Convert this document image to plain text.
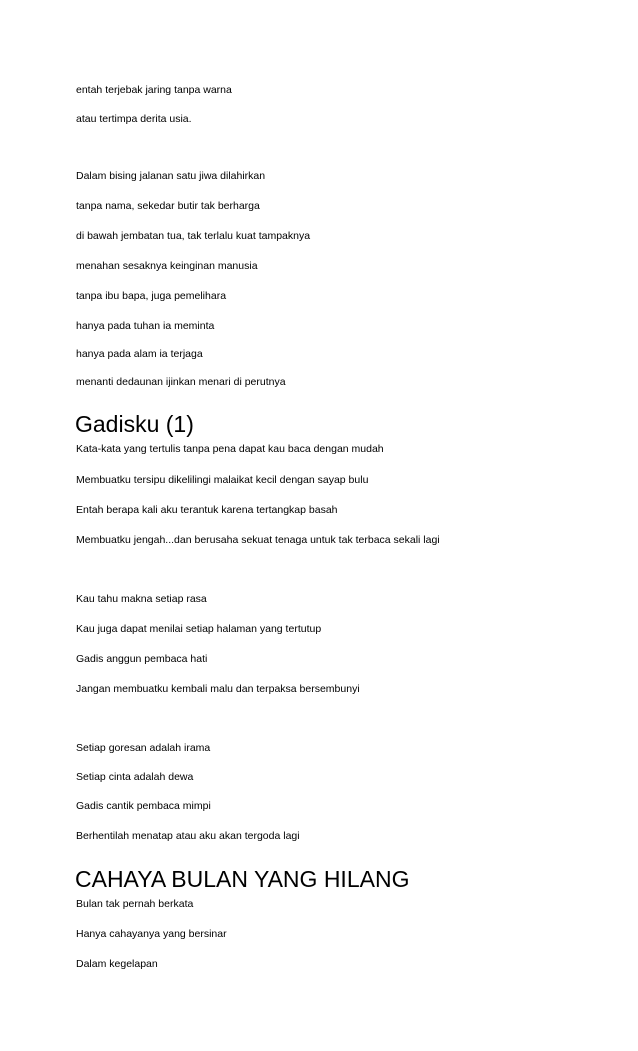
entah terjebak jaring tanpa warna

atau tertimpa derita usia.

Dalam bising jalanan satu jiwa dilahirkan

tanpa nama, sekedar butir tak berharga

di bawah jembatan tua, tak terlalu kuat tampaknya

menahan sesaknya keinginan manusia

tanpa ibu bapa, juga pemelihara

hanya pada tuhan ia meminta

hanya pada alam ia terjaga

menanti dedaunan ijinkan menari di perutnya

Gadisku (1)

Kata-kata yang tertulis tanpa pena dapat kau baca dengan mudah

Membuatku tersipu dikelilingi malaikat kecil dengan sayap bulu

Entah berapa kali aku terantuk karena tertangkap basah

Membuatku jengah...dan berusaha sekuat tenaga untuk tak terbaca sekali lagi

Kau tahu makna setiap rasa

Kau juga dapat menilai setiap halaman yang tertutup

Gadis anggun pembaca hati

Jangan membuatku kembali malu dan terpaksa bersembunyi

Setiap goresan adalah irama

Setiap cinta adalah dewa

Gadis cantik pembaca mimpi

Berhentilah menatap atau aku akan tergoda lagi

CAHAYA BULAN YANG HILANG

Bulan tak pernah berkata

Hanya cahayanya yang bersinar

Dalam kegelapan
